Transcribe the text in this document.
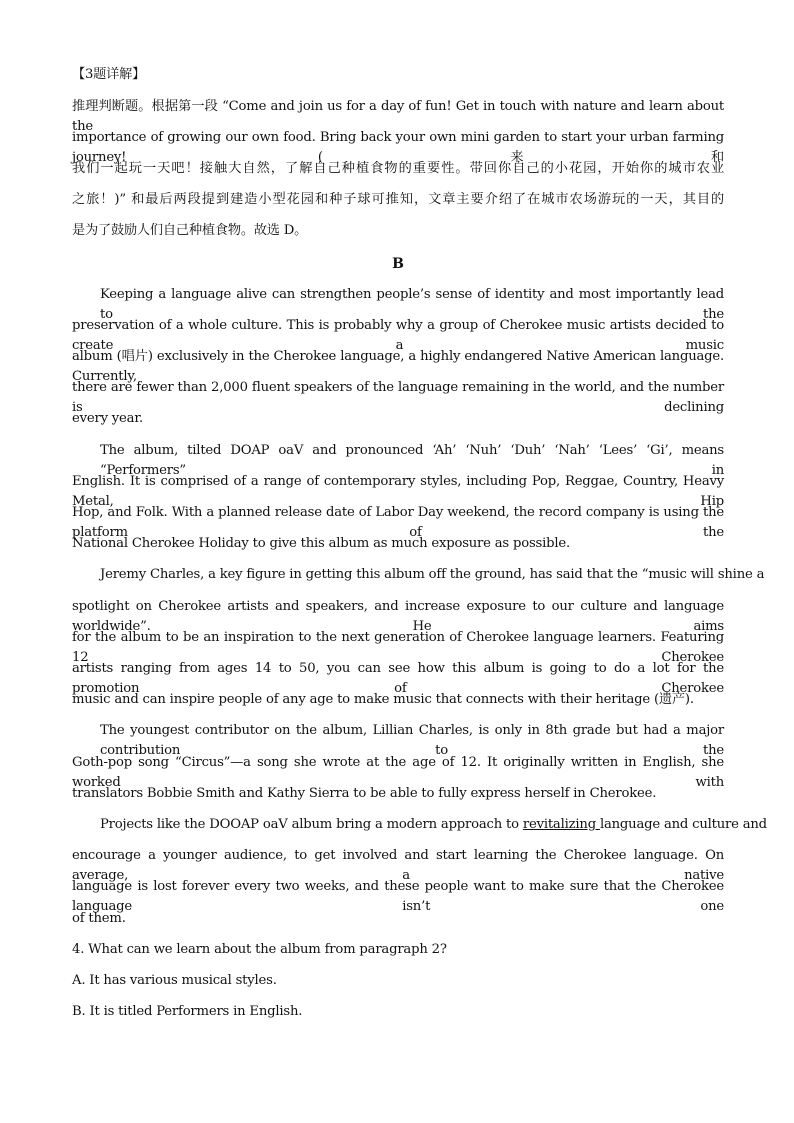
【3题详解】
推理判断题。根据第一段 “Come and join us for a day of fun! Get in touch with nature and learn about the
importance of growing our own food. Bring back your own mini garden to start your urban farming journey! (来和
我们一起玩一天吧！接触大自然，了解自己种植食物的重要性。带回你自己的小花园，开始你的城市农业
之旅！)” 和最后两段提到建造小型花园和种子球可推知，文章主要介绍了在城市农场游玩的一天，其目的
是为了鼓励人们自己种植食物。故选 D。
B
Keeping a language alive can strengthen people’s sense of identity and most importantly lead to the
preservation of a whole culture. This is probably why a group of Cherokee music artists decided to create a music
album (唱片) exclusively in the Cherokee language, a highly endangered Native American language. Currently,
there are fewer than 2,000 fluent speakers of the language remaining in the world, and the number is declining
every year.
The album, tilted DOAP oaV and pronounced ‘Ah’ ‘Nuh’ ‘Duh’ ‘Nah’ ‘Lees’ ‘Gi’, means “Performers” in
English. It is comprised of a range of contemporary styles, including Pop, Reggae, Country, Heavy Metal, Hip
Hop, and Folk. With a planned release date of Labor Day weekend, the record company is using the platform of the
National Cherokee Holiday to give this album as much exposure as possible.
Jeremy Charles, a key figure in getting this album off the ground, has said that the “music will shine a
spotlight on Cherokee artists and speakers, and increase exposure to our culture and language worldwide”. He aims
for the album to be an inspiration to the next generation of Cherokee language learners. Featuring 12 Cherokee
artists ranging from ages 14 to 50, you can see how this album is going to do a lot for the promotion of Cherokee
music and can inspire people of any age to make music that connects with their heritage (遗产).
The youngest contributor on the album, Lillian Charles, is only in 8th grade but had a major contribution to the
Goth-pop song “Circus”—a song she wrote at the age of 12. It originally written in English, she worked with
translators Bobbie Smith and Kathy Sierra to be able to fully express herself in Cherokee.
Projects like the DOOAP oaV album bring a modern approach to revitalizing language and culture and
encourage a younger audience, to get involved and start learning the Cherokee language. On average, a native
language is lost forever every two weeks, and these people want to make sure that the Cherokee language isn’t one
of them.
4. What can we learn about the album from paragraph 2?
A. It has various musical styles.
B. It is titled Performers in English.
